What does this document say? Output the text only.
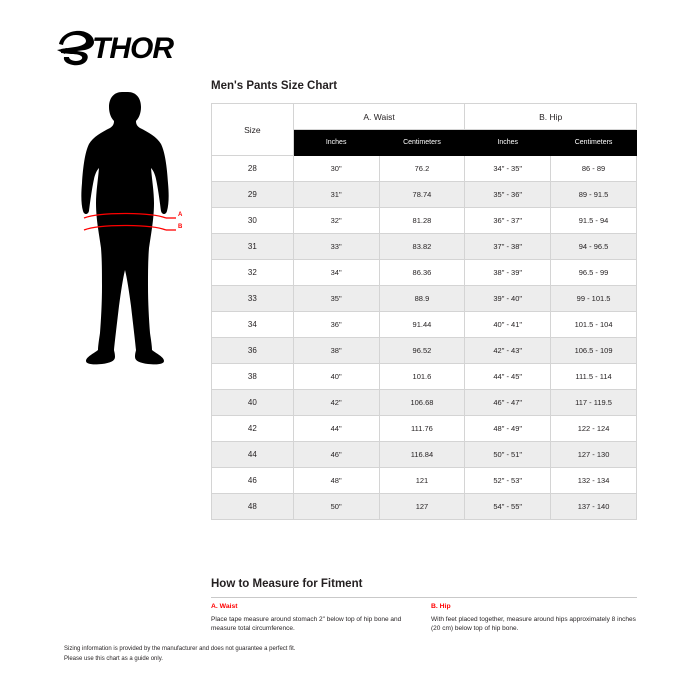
THOR
A
B
Men's Pants Size Chart
Size	A. Waist		B. Hip	
	Inches	Centimeters	Inches	Centimeters
28	30"	76.2	34" - 35"	86 - 89
29	31"	78.74	35" - 36"	89 - 91.5
30	32"	81.28	36" - 37"	91.5 - 94
31	33"	83.82	37" - 38"	94 - 96.5
32	34"	86.36	38" - 39"	96.5 - 99
33	35"	88.9	39" - 40"	99 - 101.5
34	36"	91.44	40" - 41"	101.5 - 104
36	38"	96.52	42" - 43"	106.5 - 109
38	40"	101.6	44" - 45"	111.5 - 114
40	42"	106.68	46" - 47"	117 - 119.5
42	44"	111.76	48" - 49"	122 - 124
44	46"	116.84	50" - 51"	127 - 130
46	48"	121	52" - 53"	132 - 134
48	50"	127	54" - 55"	137 - 140
How to Measure for Fitment
A. Waist
Place tape measure around stomach 2" below top of hip bone and measure total circumference.
B. Hip
With feet placed together, measure around hips approximately 8 inches (20 cm) below top of hip bone.
Sizing information is provided by the manufacturer and does not guarantee a perfect fit.
Please use this chart as a guide only.
